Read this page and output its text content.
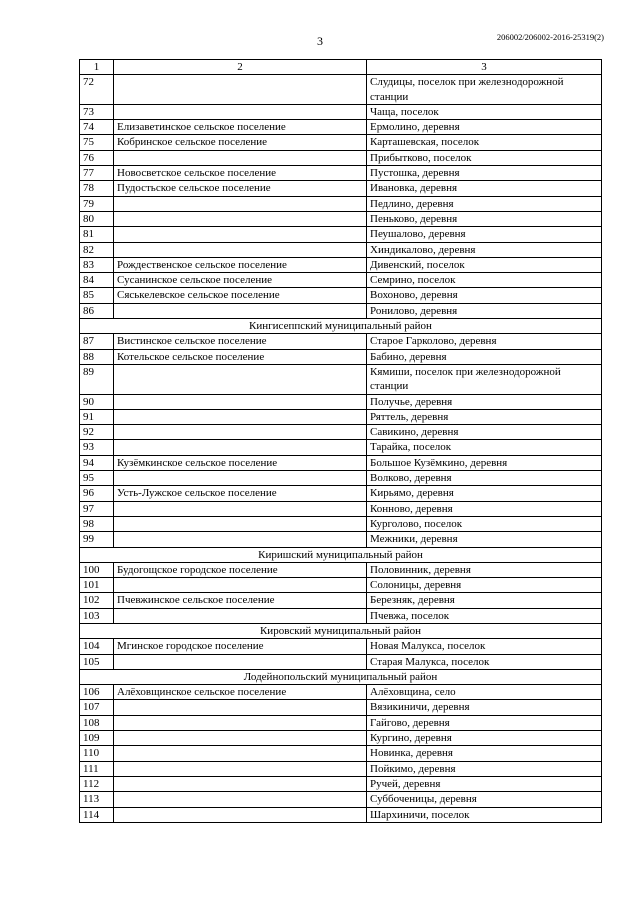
3	206002/206002-2016-25319(2)
1	2	3
72		Слудицы, поселок при железнодорожной станции
73		Чаща, поселок
74	Елизаветинское сельское поселение	Ермолино, деревня
75	Кобринское сельское поселение	Карташевская, поселок
76		Прибытково, поселок
77	Новосветское сельское поселение	Пустошка, деревня
78	Пудостьское сельское поселение	Ивановка, деревня
79		Педлино, деревня
80		Пеньково, деревня
81		Пеушалово, деревня
82		Хиндикалово, деревня
83	Рождественское сельское поселение	Дивенский, поселок
84	Сусанинское сельское поселение	Семрино, поселок
85	Сяськелевское сельское поселение	Вохоново, деревня
86		Ронилово, деревня
Кингисеппский муниципальный район		
87	Вистинское сельское поселение	Старое Гарколово, деревня
88	Котельское сельское поселение	Бабино, деревня
89		Кямиши, поселок при железнодорожной станции
90		Получье, деревня
91		Ряттель, деревня
92		Савикино, деревня
93		Тарайка, поселок
94	Кузёмкинское сельское поселение	Большое Кузёмкино, деревня
95		Волково, деревня
96	Усть-Лужское сельское поселение	Кирьямо, деревня
97		Конново, деревня
98		Курголово, поселок
99		Межники, деревня
Киришский муниципальный район		
100	Будогощское городское поселение	Половинник, деревня
101		Солоницы, деревня
102	Пчевжинское сельское поселение	Березняк, деревня
103		Пчевжа, поселок
Кировский муниципальный район		
104	Мгинское городское поселение	Новая Малукса, поселок
105		Старая Малукса, поселок
Лодейнопольский муниципальный район		
106	Алёховщинское сельское поселение	Алёховщина, село
107		Вязикиничи, деревня
108		Гайгово, деревня
109		Кургино, деревня
110		Новинка, деревня
111		Пойкимо, деревня
112		Ручей, деревня
113		Суббоченицы, деревня
114		Шархиничи, поселок
